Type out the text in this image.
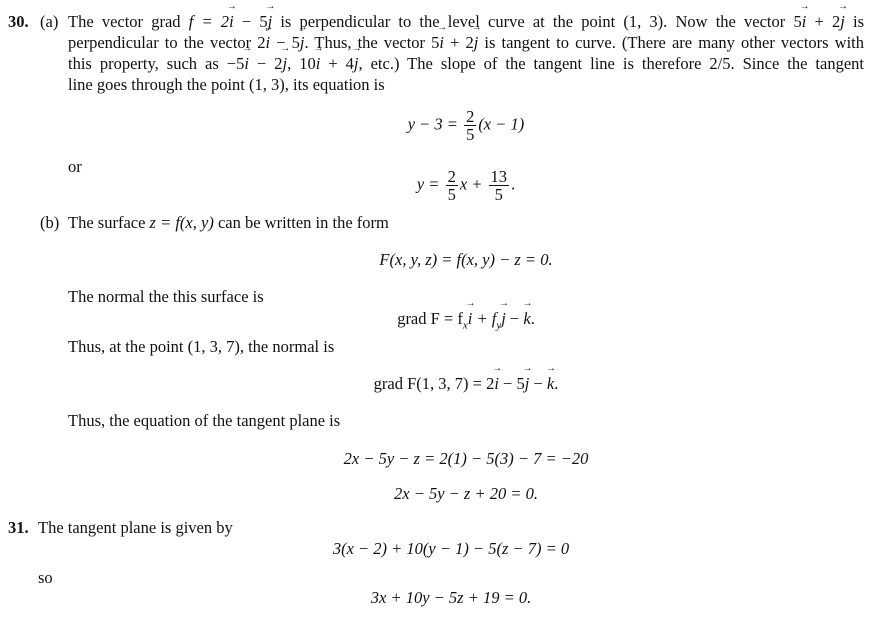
30. (a) The vector grad f = 2i → − 5j → is perpendicular to the level curve at the point (1, 3). Now the vector 5i → + 2j → is
perpendicular to the vector 2i → − 5j →. Thus, the vector 5i → + 2j → is tangent to curve. (There are many other vectors with
this property, such as −5i → − 2j →, 10i → + 4j →, etc.) The slope of the tangent line is therefore 2/5. Since the tangent
line goes through the point (1, 3), its equation is
$y - 3 = \frac{2}{5} (x - 1)$
or
$y = \frac{2}{5}$ $x + \frac{13}{5}$ .
(b) The surface z = f(x, y) can be written in the form
F(x, y, z) = f(x, y) − z = 0.
The normal the this surface is
grad $F = f_xi$ → + $f_yj$ → − k →.
Thus, at the point (1, 3, 7), the normal is
grad F(1, 3, 7) = 2i → − 5j → − k →.
Thus, the equation of the tangent plane is
2x − 5y − z = 2(1) − 5(3) − 7 = −20
2x − 5y − z + 20 = 0.
31. The tangent plane is given by
3(x − 2) + 10(y − 1) − 5(z − 7) = 0
so
3x + 10y − 5z + 19 = 0.
